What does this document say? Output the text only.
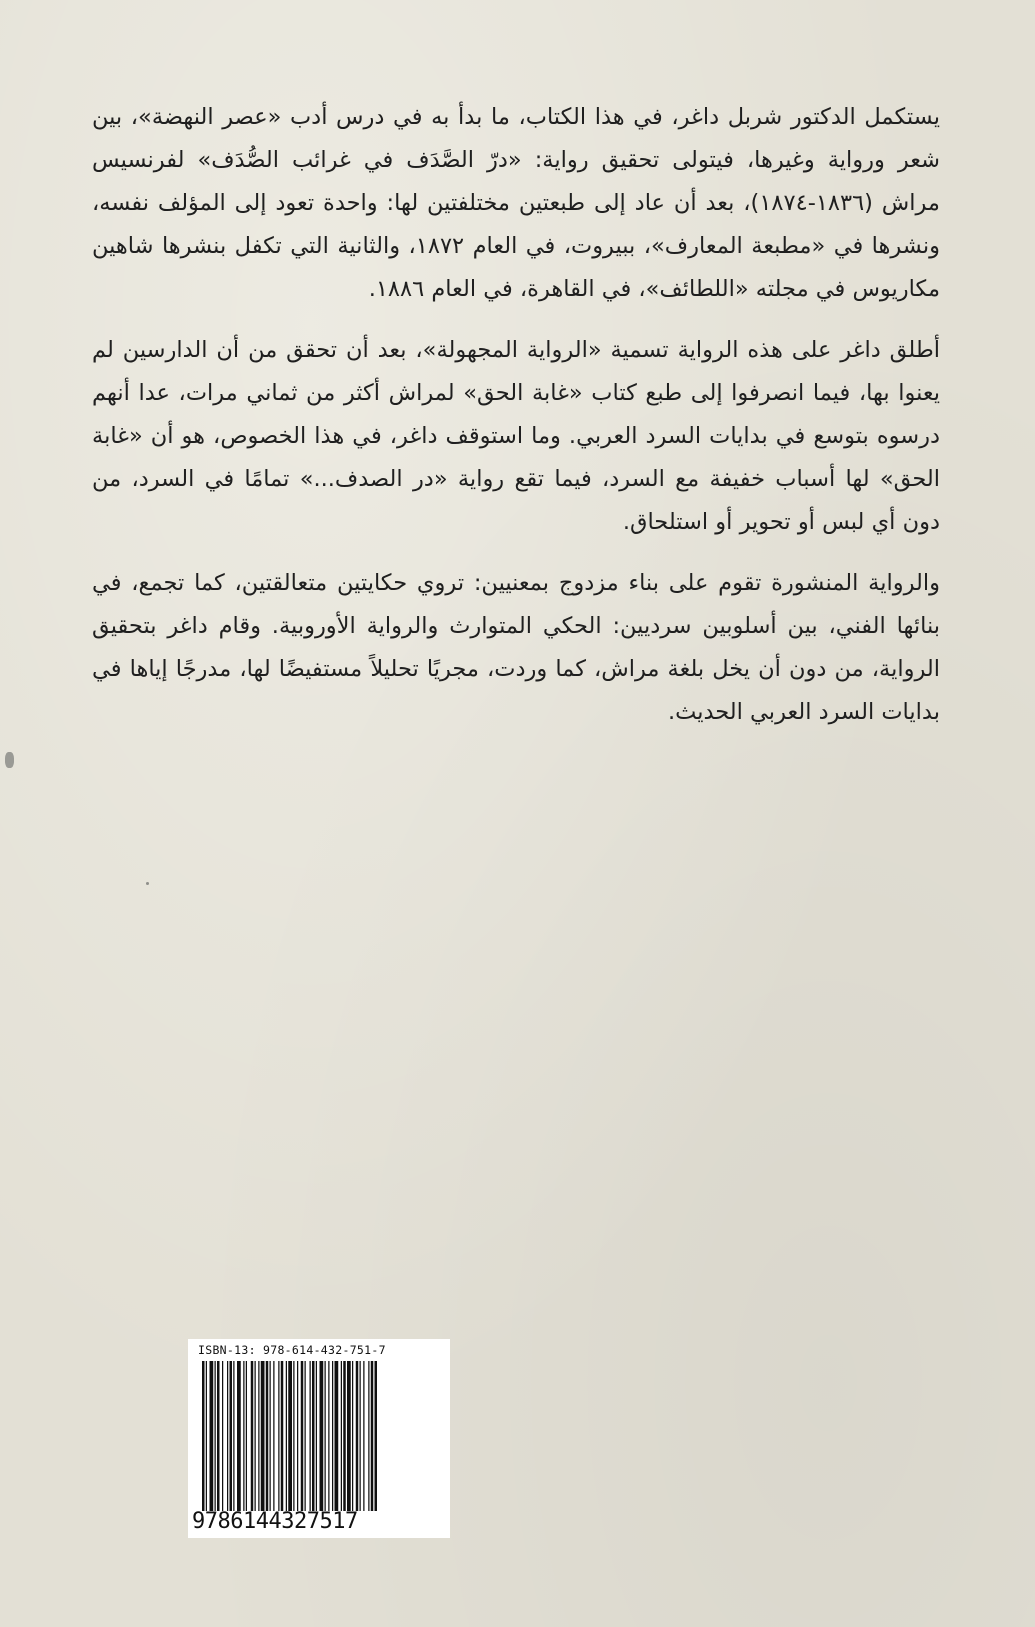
يستكمل الدكتور شربل داغر، في هذا الكتاب، ما بدأ به في درس أدب «عصر النهضة»، بين شعر ورواية وغيرها، فيتولى تحقيق رواية: «درّ الصَّدَف في غرائب الصُّدَف» لفرنسيس مراش (١٨٣٦-١٨٧٤)، بعد أن عاد إلى طبعتين مختلفتين لها: واحدة تعود إلى المؤلف نفسه، ونشرها في «مطبعة المعارف»، ببيروت، في العام ١٨٧٢، والثانية التي تكفل بنشرها شاهين مكاريوس في مجلته «اللطائف»، في القاهرة، في العام ١٨٨٦.

أطلق داغر على هذه الرواية تسمية «الرواية المجهولة»، بعد أن تحقق من أن الدارسين لم يعنوا بها، فيما انصرفوا إلى طبع كتاب «غابة الحق» لمراش أكثر من ثماني مرات، عدا أنهم درسوه بتوسع في بدايات السرد العربي. وما استوقف داغر، في هذا الخصوص، هو أن «غابة الحق» لها أسباب خفيفة مع السرد، فيما تقع رواية «در الصدف...» تمامًا في السرد، من دون أي لبس أو تحوير أو استلحاق.

والرواية المنشورة تقوم على بناء مزدوج بمعنيين: تروي حكايتين متعالقتين، كما تجمع، في بنائها الفني، بين أسلوبين سرديين: الحكي المتوارث والرواية الأوروبية. وقام داغر بتحقيق الرواية، من دون أن يخل بلغة مراش، كما وردت، مجريًا تحليلاً مستفيضًا لها، مدرجًا إياها في بدايات السرد العربي الحديث.

ISBN-13: 978-614-432-751-7
9786144327517
